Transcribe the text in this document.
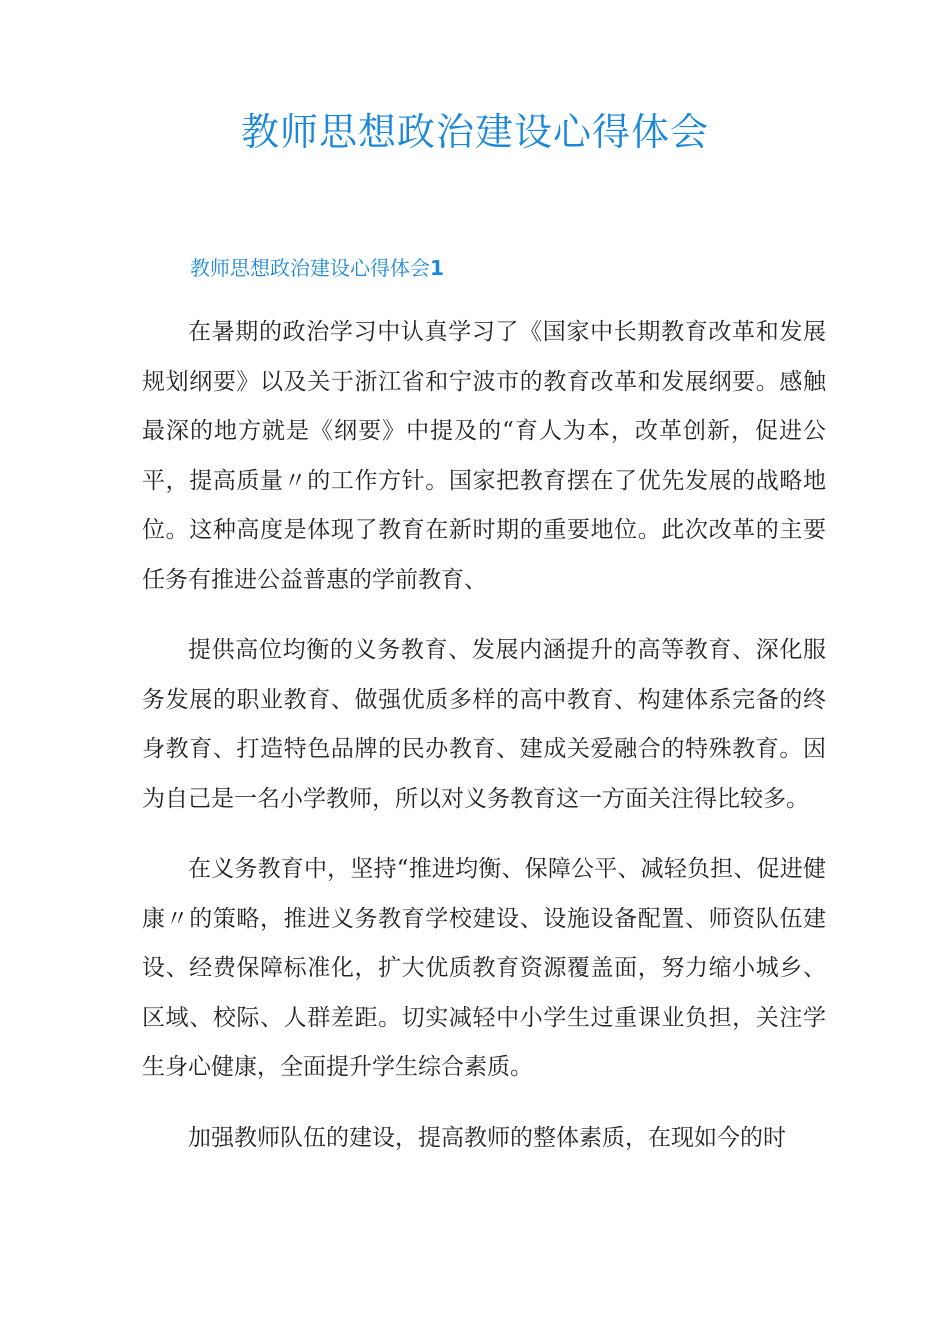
教师思想政治建设心得体会
教师思想政治建设心得体会1

在暑期的政治学习中认真学习了《国家中长期教育改革和发展规划纲要》以及关于浙江省和宁波市的教育改革和发展纲要。感触最深的地方就是《纲要》中提及的“育人为本，改革创新，促进公平，提高质量〃的工作方针。国家把教育摆在了优先发展的战略地位。这种高度是体现了教育在新时期的重要地位。此次改革的主要任务有推进公益普惠的学前教育、

提供高位均衡的义务教育、发展内涵提升的高等教育、深化服务发展的职业教育、做强优质多样的高中教育、构建体系完备的终身教育、打造特色品牌的民办教育、建成关爱融合的特殊教育。因为自己是一名小学教师，所以对义务教育这一方面关注得比较多。

在义务教育中，坚持“推进均衡、保障公平、减轻负担、促进健康〃的策略，推进义务教育学校建设、设施设备配置、师资队伍建设、经费保障标准化，扩大优质教育资源覆盖面，努力缩小城乡、区域、校际、人群差距。切实减轻中小学生过重课业负担，关注学生身心健康，全面提升学生综合素质。

加强教师队伍的建设，提高教师的整体素质，在现如今的时
